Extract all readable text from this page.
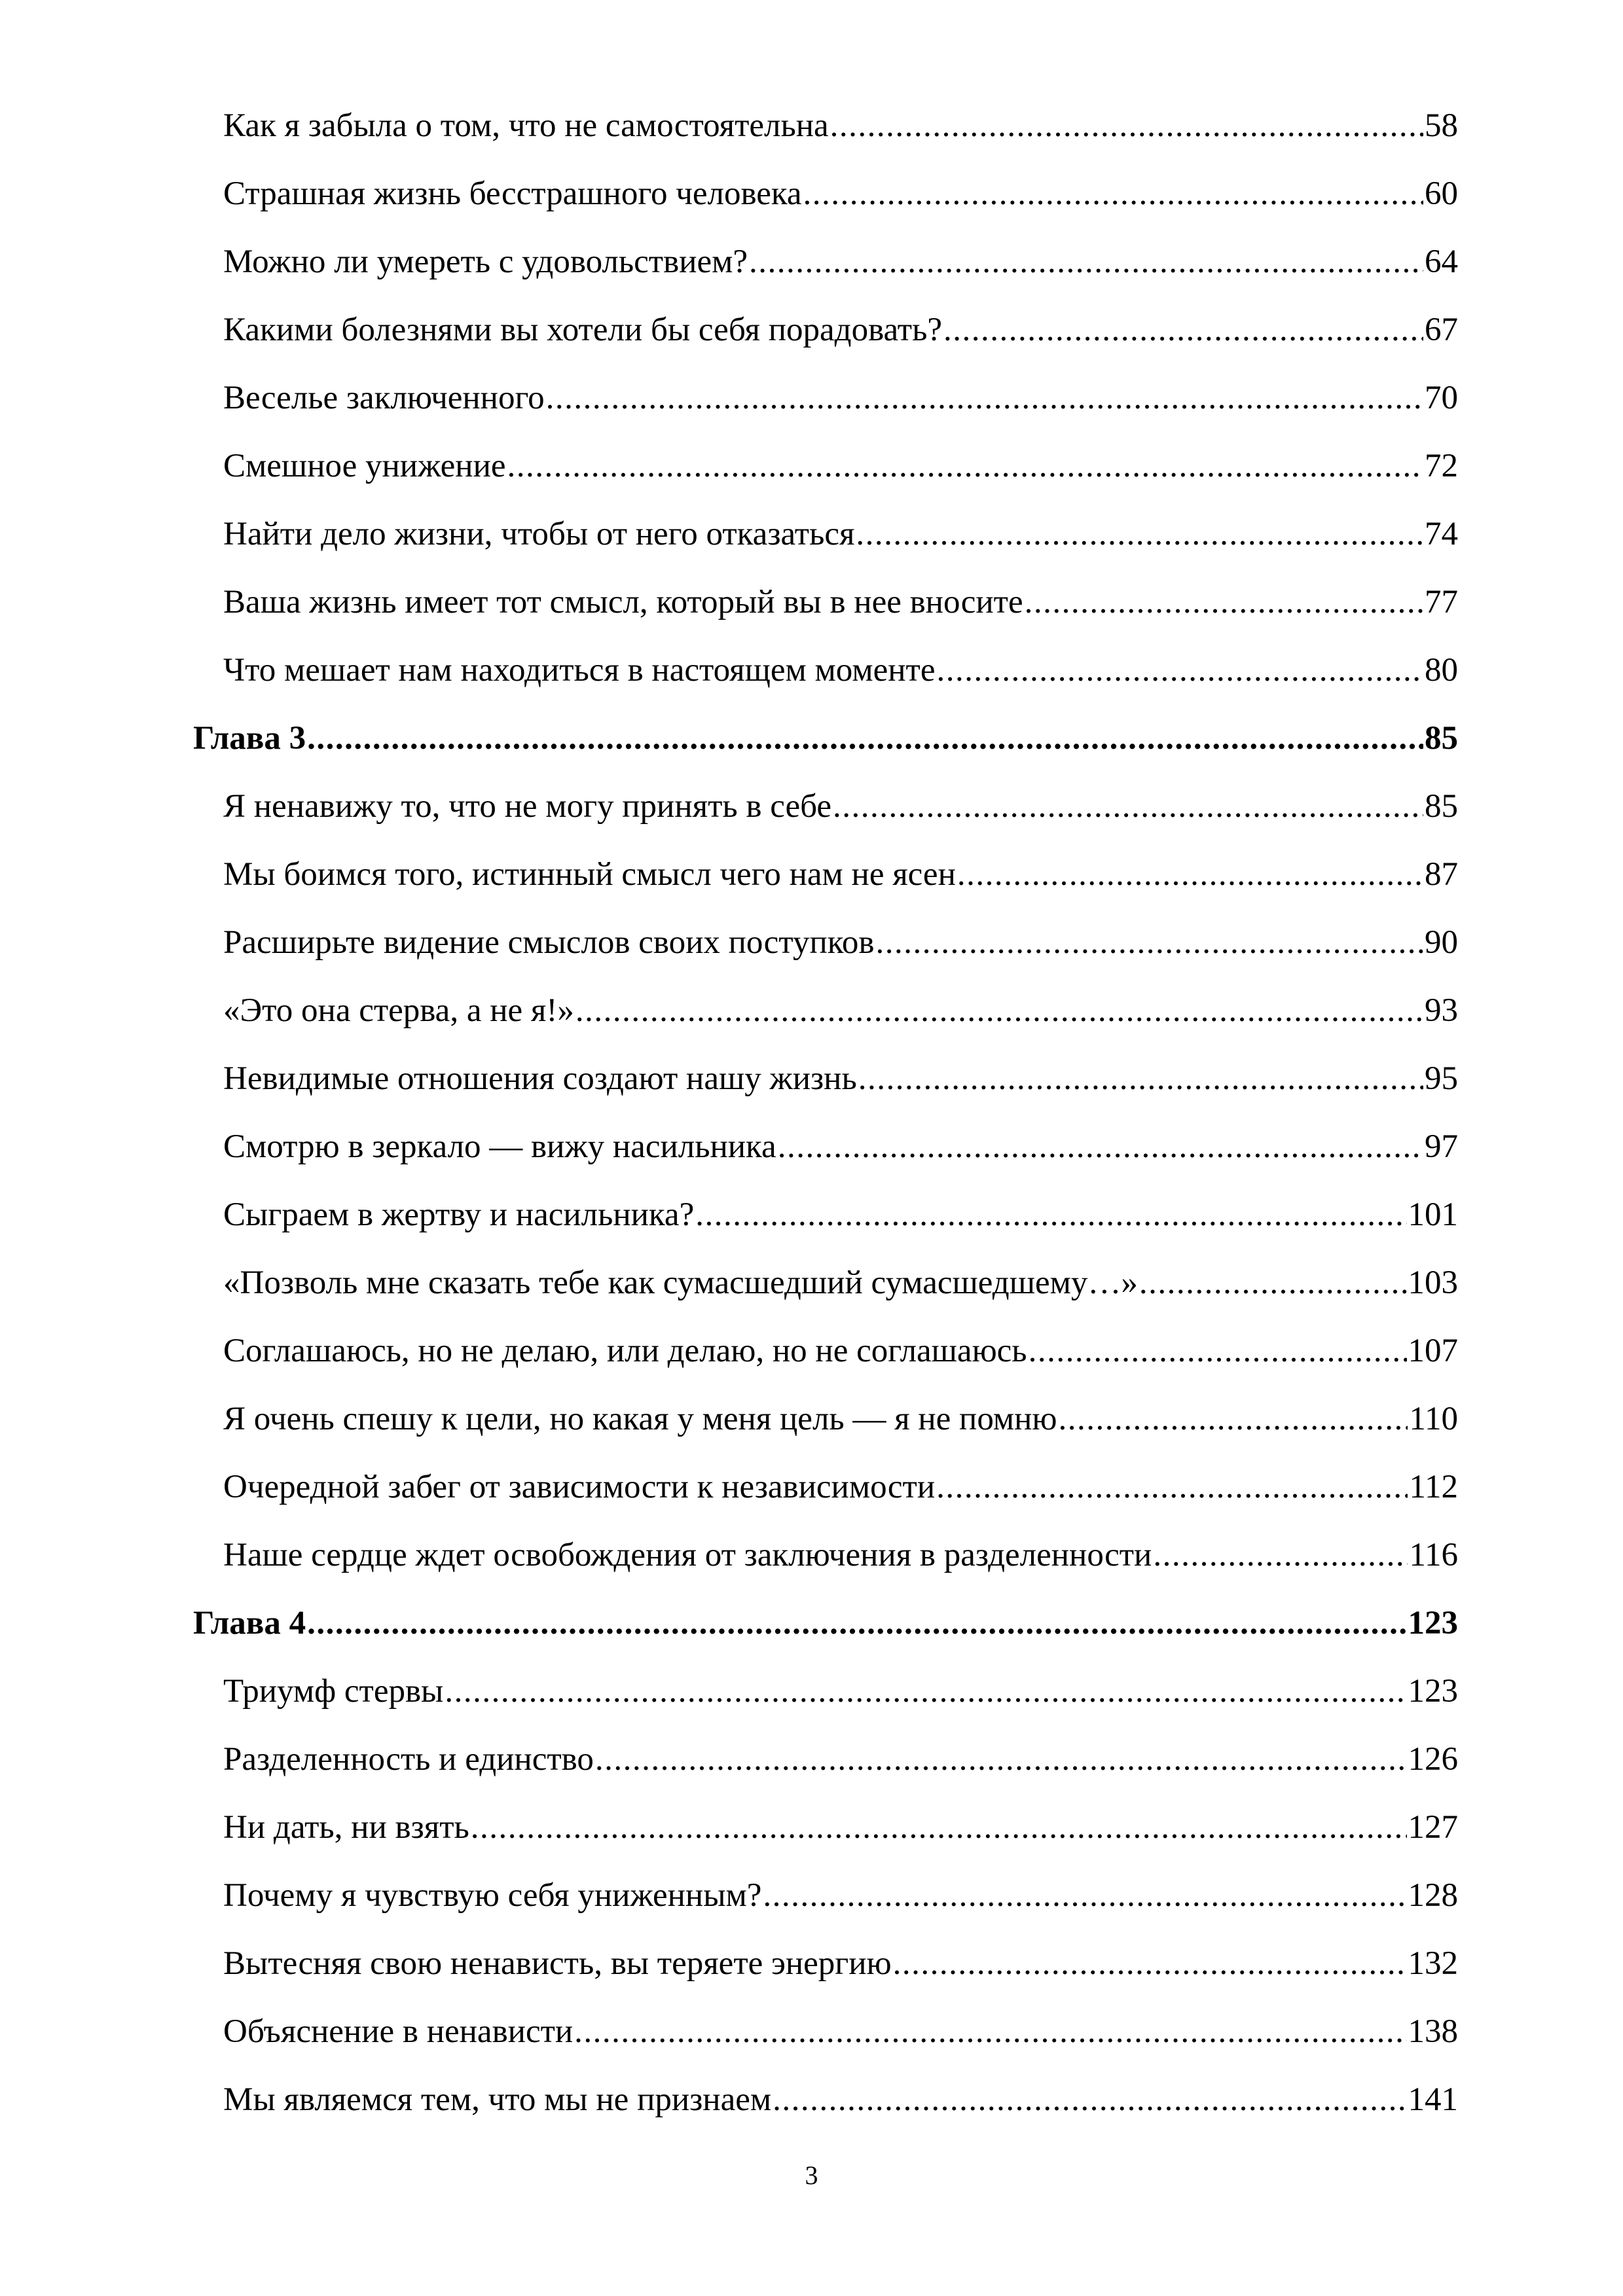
Как я забыла о том, что не самостоятельна .....	58
Страшная жизнь бесстрашного человека .....	60
Можно ли умереть с удовольствием? .....	64
Какими болезнями вы хотели бы себя порадовать? .....	67
Веселье заключенного .....	70
Смешное унижение .....	72
Найти дело жизни, чтобы от него отказаться .....	74
Ваша жизнь имеет тот смысл, который вы в нее вносите .....	77
Что мешает нам находиться в настоящем моменте .....	80
Глава 3 .....	85
Я ненавижу то, что не могу принять в себе .....	85
Мы боимся того, истинный смысл чего нам не ясен .....	87
Расширьте видение смыслов своих поступков .....	90
«Это она стерва, а не я!» .....	93
Невидимые отношения создают нашу жизнь .....	95
Смотрю в зеркало — вижу насильника .....	97
Сыграем в жертву и насильника? .....	101
«Позволь мне сказать тебе как сумасшедший сумасшедшему…» .....	103
Соглашаюсь, но не делаю, или делаю, но не соглашаюсь .....	107
Я очень спешу к цели, но какая у меня цель — я не помню .....	110
Очередной забег от зависимости к независимости .....	112
Наше сердце ждет освобождения от заключения в разделенности .....	116
Глава 4 .....	123
Триумф стервы .....	123
Разделенность и единство .....	126
Ни дать, ни взять .....	127
Почему я чувствую себя униженным? .....	128
Вытесняя свою ненависть, вы теряете энергию .....	132
Объяснение в ненависти .....	138
Мы являемся тем, что мы не признаем .....	141
3
